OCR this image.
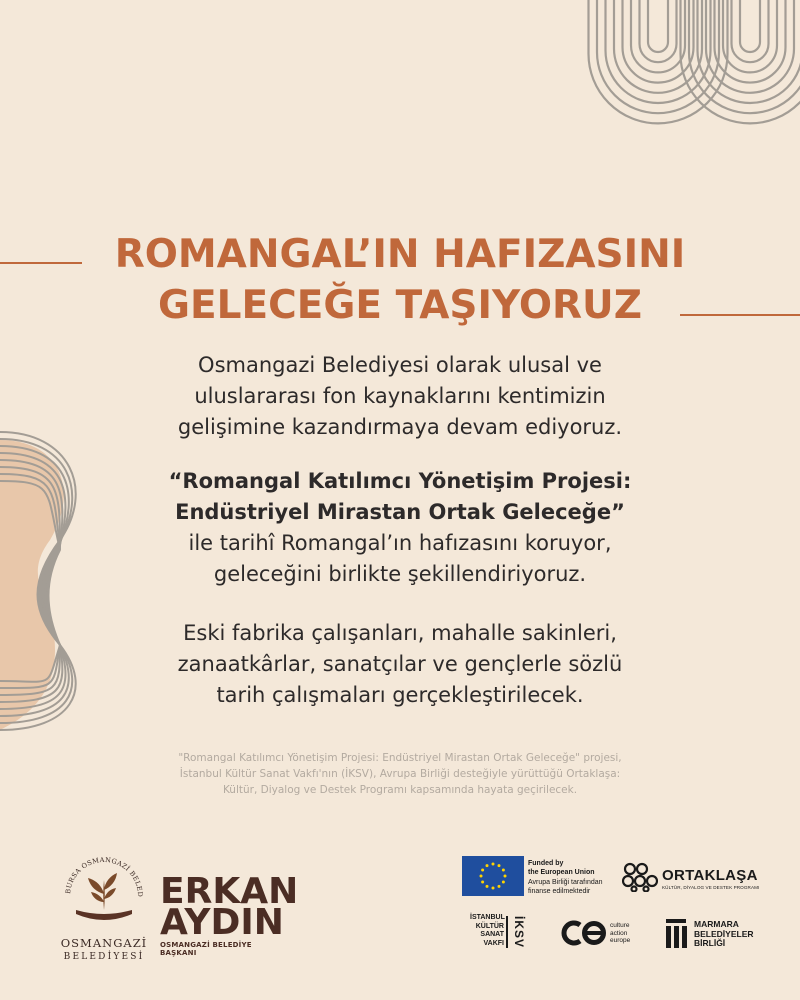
ROMANGAL’IN HAFIZASINI
GELECEĞE TAŞIYORUZ
Osmangazi Belediyesi olarak ulusal ve
uluslararası fon kaynaklarını kentimizin
gelişimine kazandırmaya devam ediyoruz.
“Romangal Katılımcı Yönetişim Projesi:
Endüstriyel Mirastan Ortak Geleceğe”
ile tarihî Romangal’ın hafızasını koruyor,
geleceğini birlikte şekillendiriyoruz.
Eski fabrika çalışanları, mahalle sakinleri,
zanaatkârlar, sanatçılar ve gençlerle sözlü
tarih çalışmaları gerçekleştirilecek.
"Romangal Katılımcı Yönetişim Projesi: Endüstriyel Mirastan Ortak Geleceğe" projesi,
İstanbul Kültür Sanat Vakfı'nın (İKSV), Avrupa Birliği desteğiyle yürüttüğü Ortaklaşa:
Kültür, Diyalog ve Destek Programı kapsamında hayata geçirilecek.
BURSA OSMANGAZİ BELED
OSMANGAZİ
BELEDİYESİ
ERKAN
AYDIN
OSMANGAZİ BELEDİYE BAŞKANI
Funded by
the European Union
Avrupa Birliği tarafından
finanse edilmektedir
ORTAKLAŞA
KÜLTÜR, DİYALOG VE DESTEK PROGRAMI
İSTANBUL
KÜLTÜR
SANAT
VAKFI İKSV	culture
action
europe
MARMARA
BELEDİYELER
BİRLİĞİ
